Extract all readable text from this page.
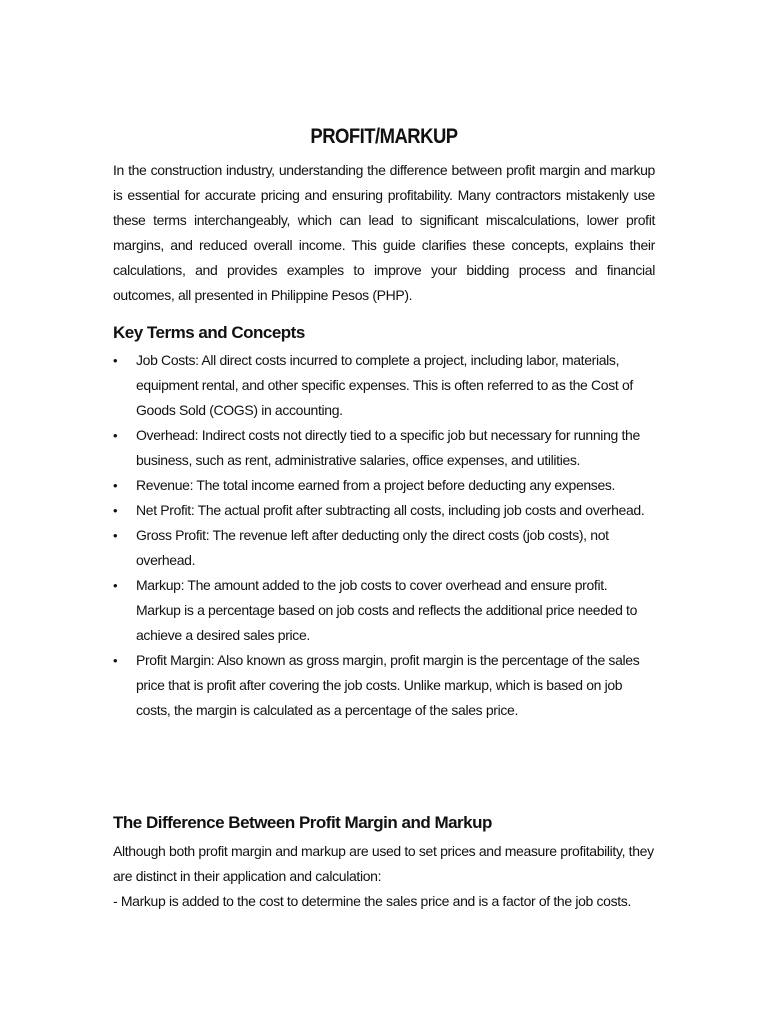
PROFIT/MARKUP

In the construction industry, understanding the difference between profit margin and markup is essential for accurate pricing and ensuring profitability. Many contractors mistakenly use these terms interchangeably, which can lead to significant miscalculations, lower profit margins, and reduced overall income. This guide clarifies these concepts, explains their calculations, and provides examples to improve your bidding process and financial outcomes, all presented in Philippine Pesos (PHP).

Key Terms and Concepts
• Job Costs: All direct costs incurred to complete a project, including labor, materials, equipment rental, and other specific expenses. This is often referred to as the Cost of Goods Sold (COGS) in accounting.
• Overhead: Indirect costs not directly tied to a specific job but necessary for running the business, such as rent, administrative salaries, office expenses, and utilities.
• Revenue: The total income earned from a project before deducting any expenses.
• Net Profit: The actual profit after subtracting all costs, including job costs and overhead.
• Gross Profit: The revenue left after deducting only the direct costs (job costs), not overhead.
• Markup: The amount added to the job costs to cover overhead and ensure profit. Markup is a percentage based on job costs and reflects the additional price needed to achieve a desired sales price.
• Profit Margin: Also known as gross margin, profit margin is the percentage of the sales price that is profit after covering the job costs. Unlike markup, which is based on job costs, the margin is calculated as a percentage of the sales price.
The Difference Between Profit Margin and Markup

Although both profit margin and markup are used to set prices and measure profitability, they are distinct in their application and calculation:

- Markup is added to the cost to determine the sales price and is a factor of the job costs.
